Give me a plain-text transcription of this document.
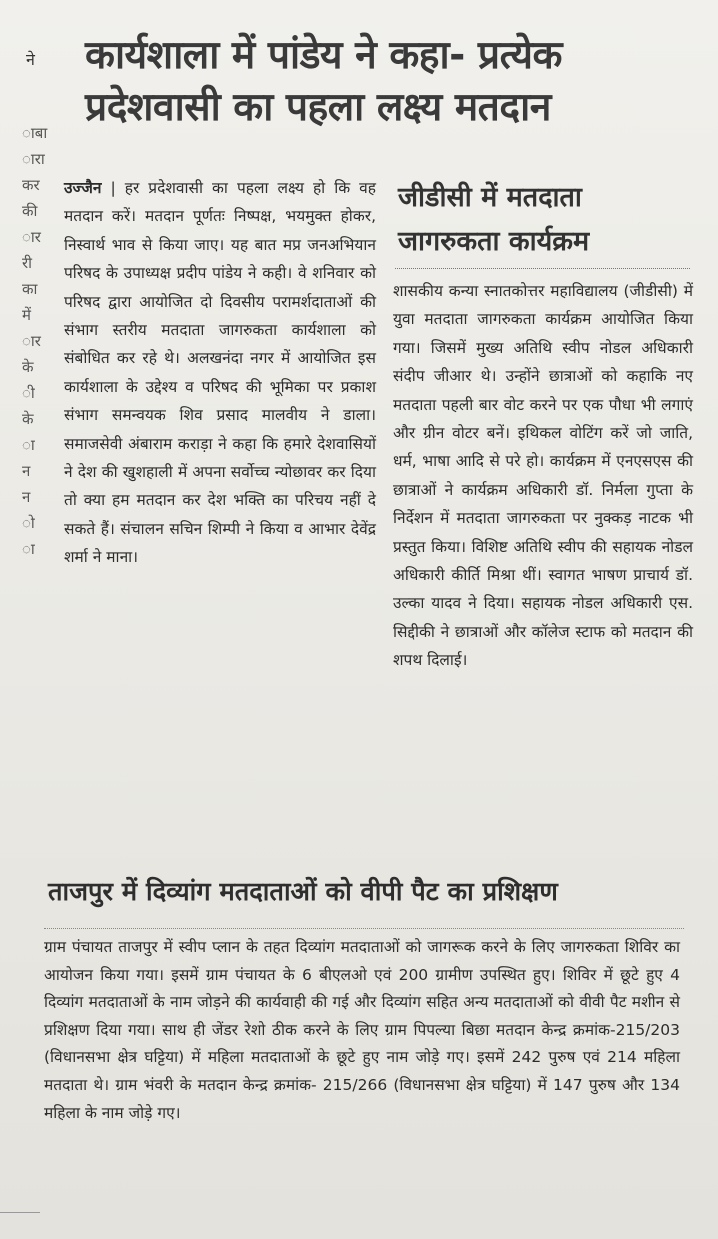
ने
ाबा
ारा
कर
की
ार
री
का
में
ार
के
ी
के
ा
न
न
ो
ा
कार्यशाला में पांडेय ने कहा- प्रत्येक
प्रदेशवासी का पहला लक्ष्य मतदान
उज्जैन | हर प्रदेशवासी का पहला लक्ष्य हो कि वह मतदान करें। मतदान पूर्णतः निष्पक्ष, भयमुक्त होकर, निस्वार्थ भाव से किया जाए। यह बात मप्र जनअभियान परिषद के उपाध्यक्ष प्रदीप पांडेय ने कही। वे शनिवार को परिषद द्वारा आयोजित दो दिवसीय परामर्शदाताओं की संभाग स्तरीय मतदाता जागरुकता कार्यशाला को संबोधित कर रहे थे। अलखनंदा नगर में आयोजित इस कार्यशाला के उद्देश्य व परिषद की भूमिका पर प्रकाश संभाग समन्वयक शिव प्रसाद मालवीय ने डाला। समाजसेवी अंबाराम कराड़ा ने कहा कि हमारे देशवासियों ने देश की खुशहाली में अपना सर्वोच्च न्योछावर कर दिया तो क्या हम मतदान कर देश भक्ति का परिचय नहीं दे सकते हैं। संचालन सचिन शिम्पी ने किया व आभार देवेंद्र शर्मा ने माना।
जीडीसी में मतदाता
जागरुकता कार्यक्रम
शासकीय कन्या स्नातकोत्तर महाविद्यालय (जीडीसी) में युवा मतदाता जागरुकता कार्यक्रम आयोजित किया गया। जिसमें मुख्य अतिथि स्वीप नोडल अधिकारी संदीप जीआर थे। उन्होंने छात्राओं को कहाकि नए मतदाता पहली बार वोट करने पर एक पौधा भी लगाएं और ग्रीन वोटर बनें। इथिकल वोटिंग करें जो जाति, धर्म, भाषा आदि से परे हो। कार्यक्रम में एनएसएस की छात्राओं ने कार्यक्रम अधिकारी डॉ. निर्मला गुप्ता के निर्देशन में मतदाता जागरुकता पर नुक्कड़ नाटक भी प्रस्तुत किया। विशिष्ट अतिथि स्वीप की सहायक नोडल अधिकारी कीर्ति मिश्रा थीं। स्वागत भाषण प्राचार्य डॉ. उल्का यादव ने दिया। सहायक नोडल अधिकारी एस. सिद्दीकी ने छात्राओं और कॉलेज स्टाफ को मतदान की शपथ दिलाई।
ताजपुर में दिव्यांग मतदाताओं को वीपी पैट का प्रशिक्षण
ग्राम पंचायत ताजपुर में स्वीप प्लान के तहत दिव्यांग मतदाताओं को जागरूक करने के लिए जागरुकता शिविर का आयोजन किया गया। इसमें ग्राम पंचायत के 6 बीएलओ एवं 200 ग्रामीण उपस्थित हुए। शिविर में छूटे हुए 4 दिव्यांग मतदाताओं के नाम जोड़ने की कार्यवाही की गई और दिव्यांग सहित अन्य मतदाताओं को वीवी पैट मशीन से प्रशिक्षण दिया गया। साथ ही जेंडर रेशो ठीक करने के लिए ग्राम पिपल्या बिछा मतदान केन्द्र क्रमांक-215/203 (विधानसभा क्षेत्र घट्टिया) में महिला मतदाताओं के छूटे हुए नाम जोड़े गए। इसमें 242 पुरुष एवं 214 महिला मतदाता थे। ग्राम भंवरी के मतदान केन्द्र क्रमांक- 215/266 (विधानसभा क्षेत्र घट्टिया) में 147 पुरुष और 134 महिला के नाम जोड़े गए।
